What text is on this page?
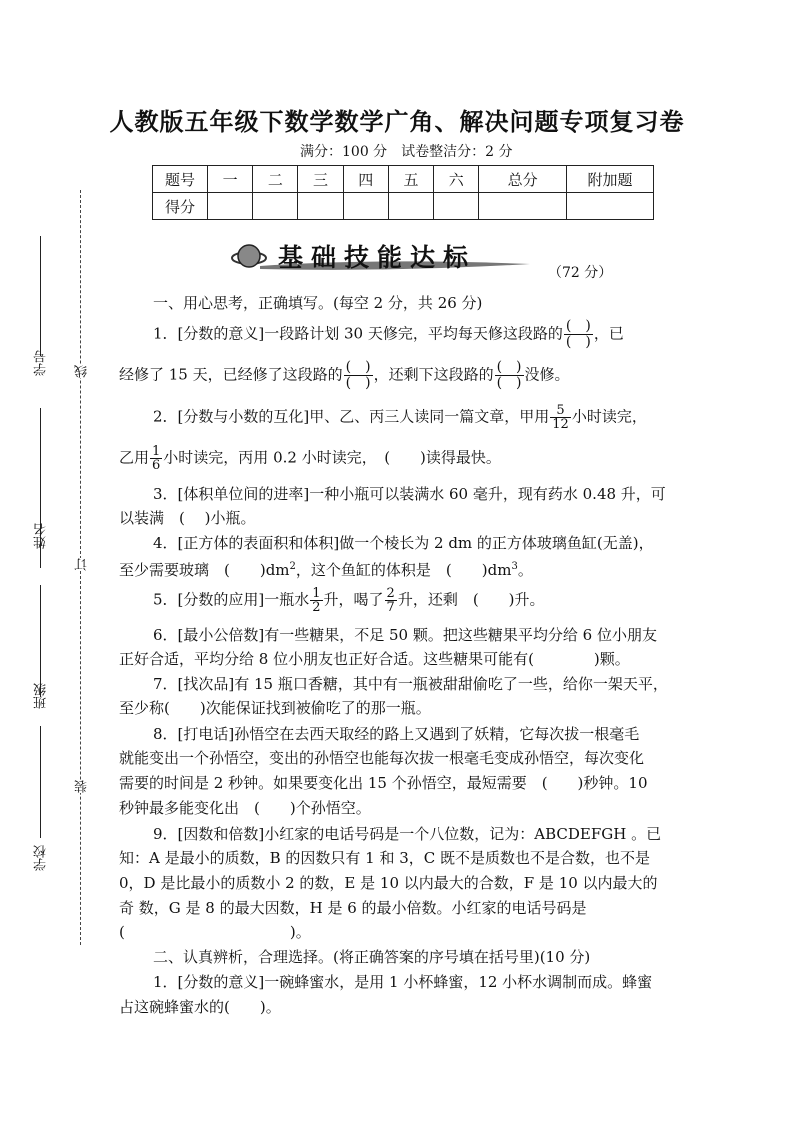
人教版五年级下数学数学广角、解决问题专项复习卷
满分：100 分　试卷整洁分：2 分
题号	一	二	三	四	五	六	总分	附加题
得分								
基础技能达标
（72 分）
学号
姓名
班级
学校
线
订
装
一、用心思考，正确填写。(每空 2 分，共 26 分)
1．[分数的意义]一段路计划 30 天修完，平均每天修这段路的 $\frac{( )}{( )}$ ，已
经修了 15 天，已经修了这段路的 $\frac{( )}{( )}$ ，还剩下这段路的 $\frac{( )}{( )}$ 没修。
2．[分数与小数的互化]甲、乙、丙三人读同一篇文章，甲用 $\frac{5}{12}$ 小时读完，
乙用 $\frac{1}{6}$ 小时读完，丙用 0.2 小时读完，　(　　)读得最快。
3．[体积单位间的进率]一种小瓶可以装满水 60 毫升，现有药水 0.48 升，可
以装满　(　 )小瓶。
4．[正方体的表面积和体积]做一个棱长为 2 dm 的正方体玻璃鱼缸(无盖)，
至少需要玻璃　(　　)$dm^2$，这个鱼缸的体积是　(　　)$dm^3$。
5．[分数的应用]一瓶水 $\frac{1}{2}$ 升，喝了 $\frac{2}{7}$ 升，还剩　(　　)升。
6．[最小公倍数]有一些糖果，不足 50 颗。把这些糖果平均分给 6 位小朋友
正好合适，平均分给 8 位小朋友也正好合适。这些糖果可能有(　　　　)颗。
7．[找次品]有 15 瓶口香糖，其中有一瓶被甜甜偷吃了一些，给你一架天平，
至少称(　　)次能保证找到被偷吃了的那一瓶。
8．[打电话]孙悟空在去西天取经的路上又遇到了妖精，它每次拔一根毫毛
就能变出一个孙悟空，变出的孙悟空也能每次拔一根毫毛变成孙悟空，每次变化
需要的时间是 2 秒钟。如果要变化出 15 个孙悟空，最短需要　(　　)秒钟。10
秒钟最多能变化出　(　　)个孙悟空。
9．[因数和倍数]小红家的电话号码是一个八位数，记为：ABCDEFGH 。已
知：A 是最小的质数，B 的因数只有 1 和 3，C 既不是质数也不是合数，也不是
0，D 是比最小的质数小 2 的数，E 是 10 以内最大的合数，F 是 10 以内最大的
奇 数，G 是 8 的最大因数，H 是 6 的最小倍数。小红家的电话号码是
(　　　　　　　　　　　)。
二、认真辨析，合理选择。(将正确答案的序号填在括号里)(10 分)
1．[分数的意义]一碗蜂蜜水，是用 1 小杯蜂蜜，12 小杯水调制而成。蜂蜜
占这碗蜂蜜水的(　　)。
